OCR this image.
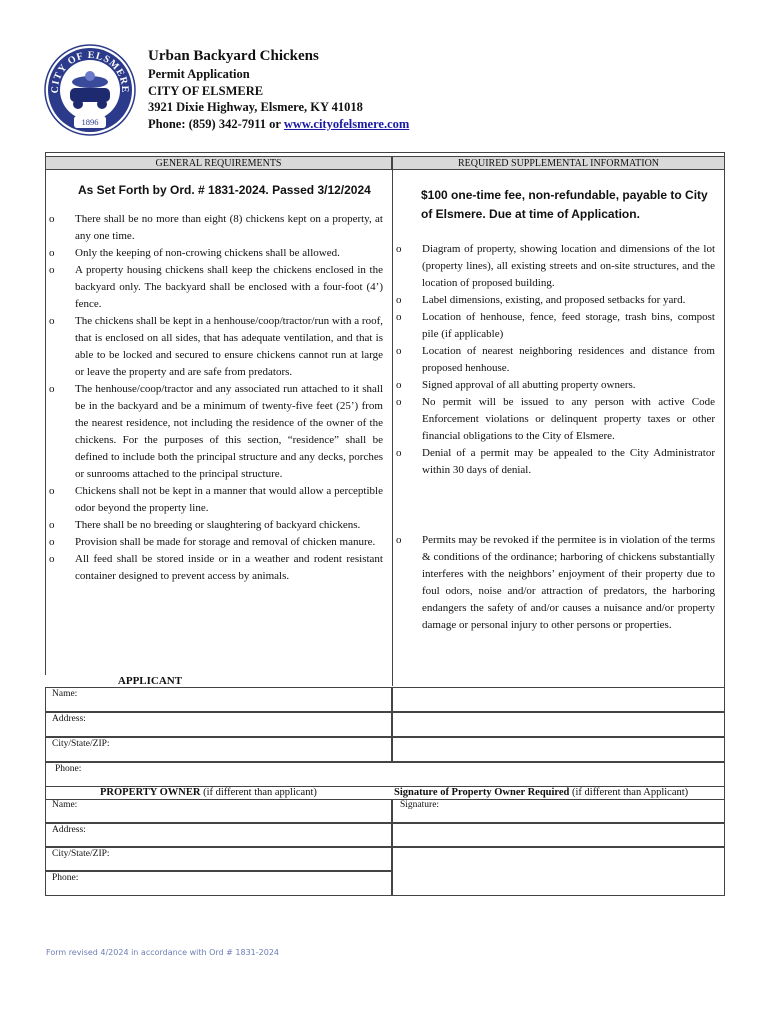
CITY OF ELSMERE
1896
Urban Backyard Chickens
Permit Application
CITY OF ELSMERE
3921 Dixie Highway, Elsmere, KY 41018
Phone: (859) 342-7911 or www.cityofelsmere.com
GENERAL REQUIREMENTS	REQUIRED SUPPLEMENTAL INFORMATION
As Set Forth by Ord. # 1831-2024. Passed 3/12/2024
o There shall be no more than eight (8) chickens kept on a property, at any one time.
o Only the keeping of non-crowing chickens shall be allowed.
o A property housing chickens shall keep the chickens enclosed in the backyard only. The backyard shall be enclosed with a four-foot (4’) fence.
o The chickens shall be kept in a henhouse/coop/tractor/run with a roof, that is enclosed on all sides, that has adequate ventilation, and that is able to be locked and secured to ensure chickens cannot run at large or leave the property and are safe from predators.
o The henhouse/coop/tractor and any associated run attached to it shall be in the backyard and be a minimum of twenty-five feet (25’) from the nearest residence, not including the residence of the owner of the chickens. For the purposes of this section, “residence” shall be defined to include both the principal structure and any decks, porches or sunrooms attached to the principal structure.
o Chickens shall not be kept in a manner that would allow a perceptible odor beyond the property line.
o There shall be no breeding or slaughtering of backyard chickens.
o Provision shall be made for storage and removal of chicken manure.
o All feed shall be stored inside or in a weather and rodent resistant container designed to prevent access by animals.
$100 one-time fee, non-refundable, payable to City of Elsmere. Due at time of Application.
o Diagram of property, showing location and dimensions of the lot (property lines), all existing streets and on-site structures, and the location of proposed building.
o Label dimensions, existing, and proposed setbacks for yard.
o Location of henhouse, fence, feed storage, trash bins, compost pile (if applicable)
o Location of nearest neighboring residences and distance from proposed henhouse.
o Signed approval of all abutting property owners.
o No permit will be issued to any person with active Code Enforcement violations or delinquent property taxes or other financial obligations to the City of Elsmere.
o Denial of a permit may be appealed to the City Administrator within 30 days of denial.
o Permits may be revoked if the permitee is in violation of the terms & conditions of the ordinance; harboring of chickens substantially interferes with the neighbors’ enjoyment of their property due to foul odors, noise and/or attraction of predators, the harboring endangers the safety of and/or causes a nuisance and/or property damage or personal injury to other persons or properties.
APPLICANT
Name:
Address:
City/State/ZIP:
Phone:
PROPERTY OWNER (if different than applicant)	Signature of Property Owner Required (if different than Applicant)
Name:
Address:
City/State/ZIP:
Phone:
Signature:
Form revised 4/2024 in accordance with Ord # 1831-2024
